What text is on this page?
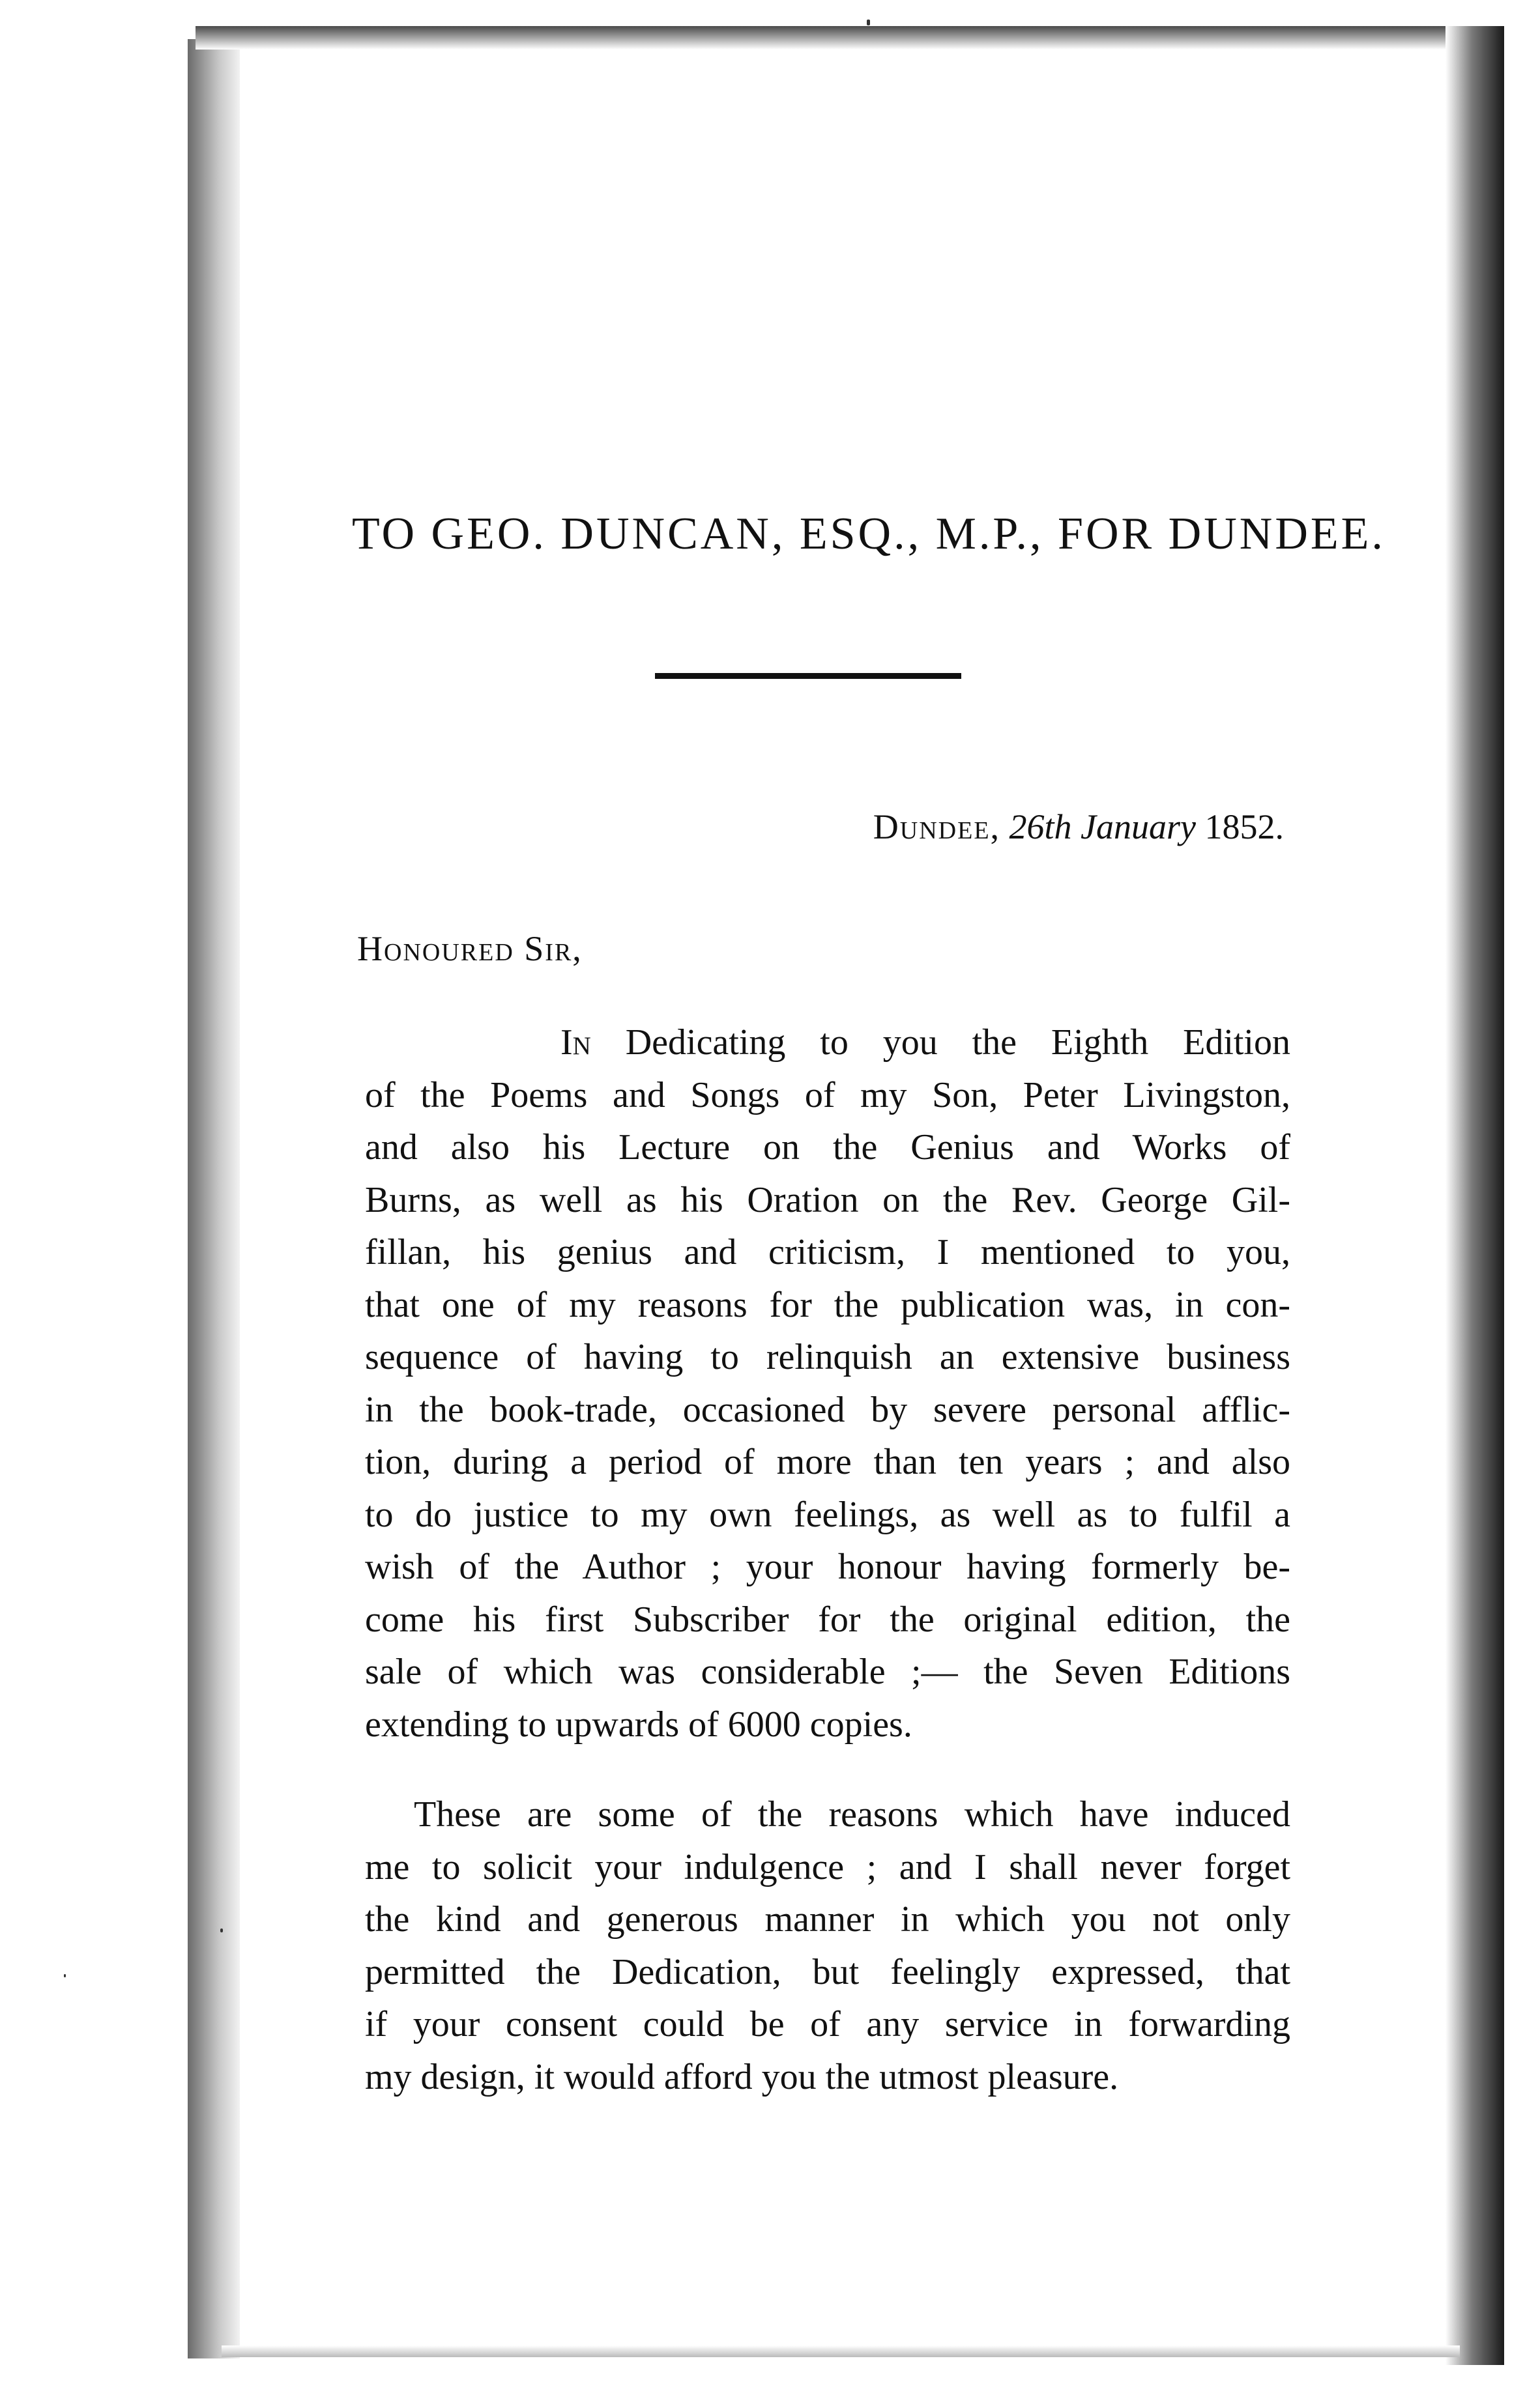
TO GEO. DUNCAN, ESQ., M.P., FOR DUNDEE.
Dundee, 26th January 1852.
Honoured Sir,
In Dedicating to you the Eighth Edition
of the Poems and Songs of my Son, Peter Livingston,
and also his Lecture on the Genius and Works of
Burns, as well as his Oration on the Rev. George Gil-
fillan, his genius and criticism, I mentioned to you,
that one of my reasons for the publication was, in con-
sequence of having to relinquish an extensive business
in the book-trade, occasioned by severe personal afflic-
tion, during a period of more than ten years ; and also
to do justice to my own feelings, as well as to fulfil a
wish of the Author ; your honour having formerly be-
come his first Subscriber for the original edition, the
sale of which was considerable ;— the Seven Editions
extending to upwards of 6000 copies.
These are some of the reasons which have induced
me to solicit your indulgence ; and I shall never forget
the kind and generous manner in which you not only
permitted the Dedication, but feelingly expressed, that
if your consent could be of any service in forwarding
my design, it would afford you the utmost pleasure.
